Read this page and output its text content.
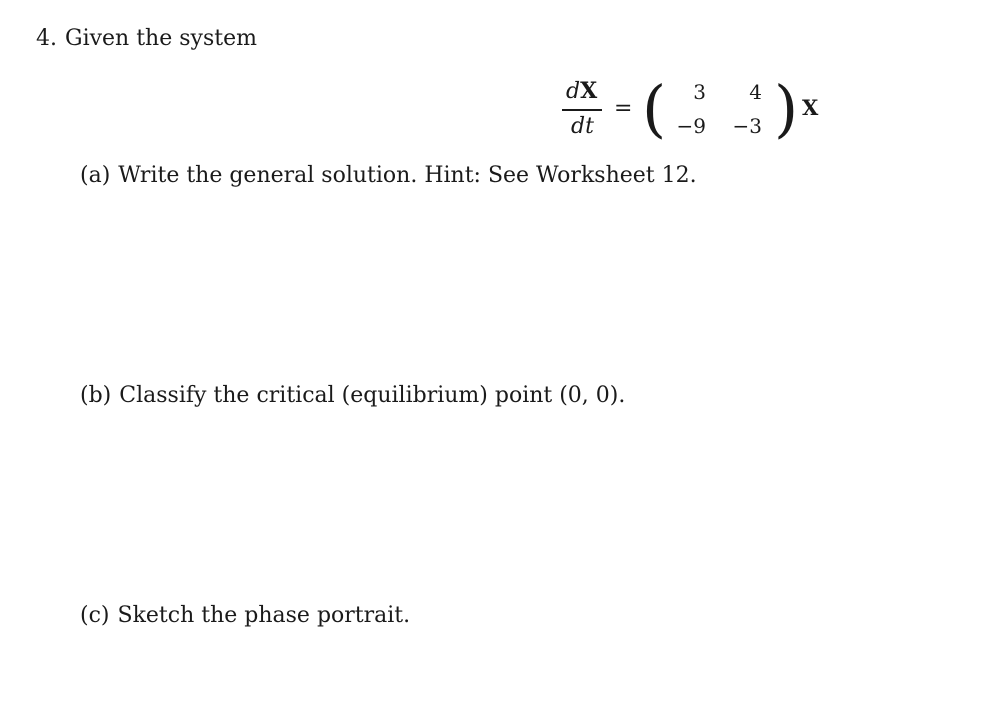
4. Given the system
dX
dt
= (	3	4
−9 −3 ) X
(a) Write the general solution. Hint: See Worksheet 12.
(b) Classify the critical (equilibrium) point (0, 0).
(c) Sketch the phase portrait.
